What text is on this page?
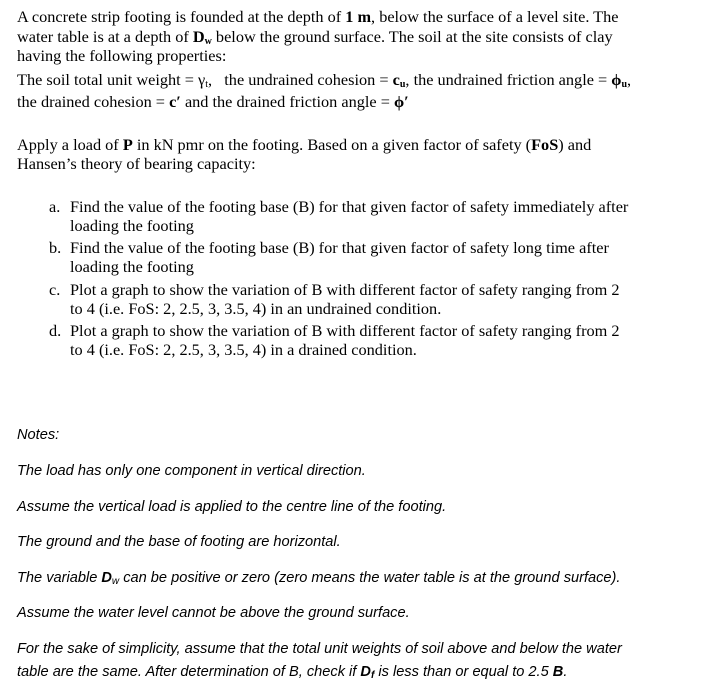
A concrete strip footing is founded at the depth of 1 m, below the surface of a level site. The
water table is at a depth of $D_w$ below the ground surface. The soil at the site consists of clay
having the following properties:
The soil total unit weight = $\gamma_t$,   the undrained cohesion = $c_u$, the undrained friction angle = $\phi_u$,
the drained cohesion = c′ and the drained friction angle = ϕ′
Apply a load of P in kN pmr on the footing. Based on a given factor of safety (FoS) and
Hansen’s theory of bearing capacity:
a. Find the value of the footing base (B) for that given factor of safety immediately after
loading the footing
b. Find the value of the footing base (B) for that given factor of safety long time after
loading the footing
c. Plot a graph to show the variation of B with different factor of safety ranging from 2
to 4 (i.e. FoS: 2, 2.5, 3, 3.5, 4) in an undrained condition.
d. Plot a graph to show the variation of B with different factor of safety ranging from 2
to 4 (i.e. FoS: 2, 2.5, 3, 3.5, 4) in a drained condition.
Notes:
The load has only one component in vertical direction.
Assume the vertical load is applied to the centre line of the footing.
The ground and the base of footing are horizontal.
The variable $D_w$ can be positive or zero (zero means the water table is at the ground surface).
Assume the water level cannot be above the ground surface.
For the sake of simplicity, assume that the total unit weights of soil above and below the water
table are the same. After determination of B, check if $D_f$ is less than or equal to 2.5 B.
